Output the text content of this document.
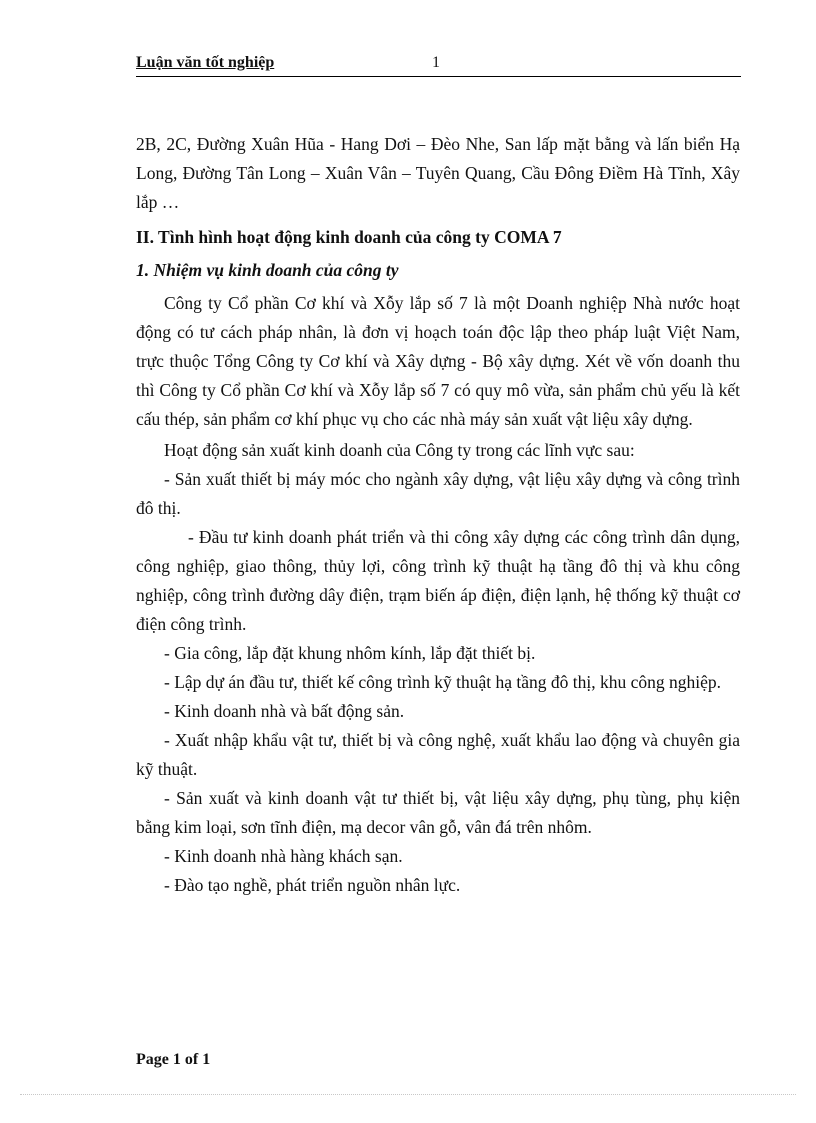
Luận văn tốt nghiệp	1

2B, 2C, Đường Xuân Hũa - Hang Dơi – Đèo Nhe, San lấp mặt bằng và lấn biển Hạ Long, Đường Tân Long – Xuân Vân – Tuyên Quang, Cầu Đông Điềm Hà Tĩnh, Xây lắp …

II. Tình hình hoạt động kinh doanh của công ty COMA 7

1. Nhiệm vụ kinh doanh của công ty

Công ty Cổ phần Cơ khí và Xỗy lắp số 7 là một Doanh nghiệp Nhà nước hoạt động có tư cách pháp nhân, là đơn vị hoạch toán độc lập theo pháp luật Việt Nam, trực thuộc Tổng Công ty Cơ khí và Xây dựng - Bộ xây dựng. Xét về vốn doanh thu thì Công ty Cổ phần Cơ khí và Xỗy lắp số 7 có quy mô vừa, sản phẩm chủ yếu là kết cấu thép, sản phẩm cơ khí phục vụ cho các nhà máy sản xuất vật liệu xây dựng.

Hoạt động sản xuất kinh doanh của Công ty trong các lĩnh vực sau:

- Sản xuất thiết bị máy móc cho ngành xây dựng, vật liệu xây dựng và công trình đô thị.

- Đầu tư kinh doanh phát triển và thi công xây dựng các công trình dân dụng, công nghiệp, giao thông, thủy lợi, công trình kỹ thuật hạ tầng đô thị và khu công nghiệp, công trình đường dây điện, trạm biến áp điện, điện lạnh, hệ thống kỹ thuật cơ điện công trình.

- Gia công, lắp đặt khung nhôm kính, lắp đặt thiết bị.

- Lập dự án đầu tư, thiết kế công trình kỹ thuật hạ tầng đô thị, khu công nghiệp.

- Kinh doanh nhà và bất động sản.

- Xuất nhập khẩu vật tư, thiết bị và công nghệ, xuất khẩu lao động và chuyên gia kỹ thuật.

- Sản xuất và kinh doanh vật tư thiết bị, vật liệu xây dựng, phụ tùng, phụ kiện bằng kim loại, sơn tĩnh điện, mạ decor vân gỗ, vân đá trên nhôm.

- Kinh doanh nhà hàng khách sạn.

- Đào tạo nghề, phát triển nguồn nhân lực.

Page 1 of 1
